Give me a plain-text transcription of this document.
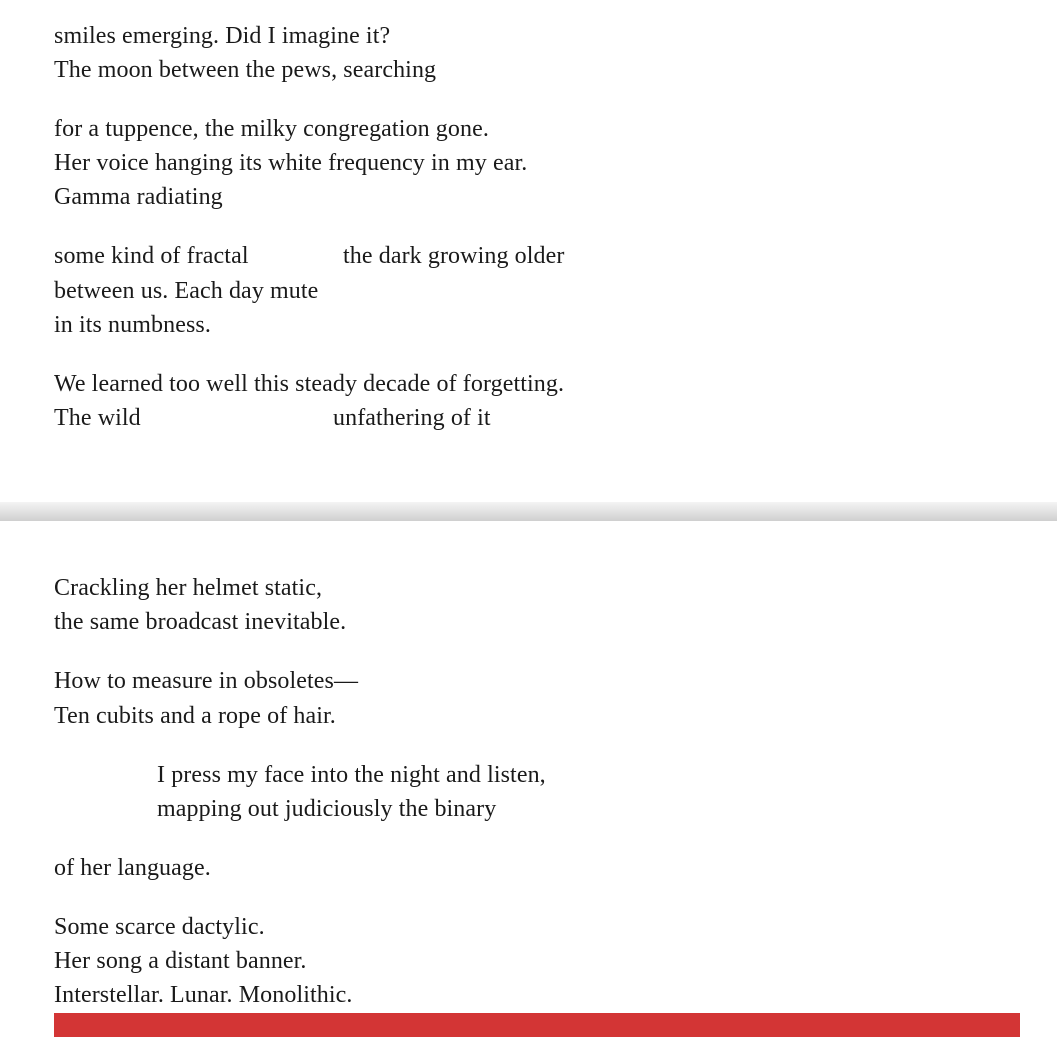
smiles emerging. Did I imagine it?
The moon between the pews, searching
for a tuppence, the milky congregation gone.
Her voice hanging its white frequency in my ear.
Gamma radiating
some kind of fractal	the dark growing older
between us. Each day mute
in its numbness.
We learned too well this steady decade of forgetting.
The wild	unfathering of it
Crackling her helmet static,
the same broadcast inevitable.
How to measure in obsoletes—
Ten cubits and a rope of hair.
I press my face into the night and listen,
mapping out judiciously the binary
of her language.
Some scarce dactylic.
Her song a distant banner.
Interstellar. Lunar. Monolithic.
